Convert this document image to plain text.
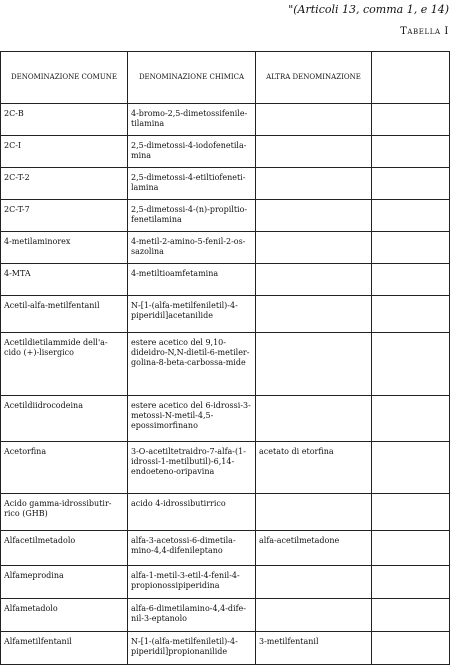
"(Articoli 13, comma 1, e 14)
Tabella I
DENOMINAZIONE COMUNE	DENOMINAZIONE CHIMICA	ALTRA DENOMINAZIONE	
2C-B	4-bromo-2,5-dimetossifenile-tilamina		
2C-I	2,5-dimetossi-4-iodofenetila-mina		
2C-T-2	2,5-dimetossi-4-etiltiofeneti-lamina		
2C-T-7	2,5-dimetossi-4-(n)-propiltio-fenetilamina		
4-metilaminorex	4-metil-2-amino-5-fenil-2-os-sazolina		
4-MTA	4-metiltioamfetamina		
Acetil-alfa-metilfentanil	N-[1-(alfa-metilfeniletil)-4-piperidil]acetanilide		
Acetildietilammide dell'a-cido (+)-lisergico	estere acetico del 9,10-dideidro-N,N-dietil-6-metiler-golina-8-beta-carbossa-mide		
Acetildiidrocodeina	estere acetico del 6-idrossi-3-metossi-N-metil-4,5-epossimorfinano		
Acetorfina	3-O-acetiltetraidro-7-alfa-(1-idrossi-1-metilbutil)-6,14-endoeteno-oripavina	acetato di etorfina	
Acido gamma-idrossibutir-rico (GHB)	acido 4-idrossibutirrico		
Alfacetilmetadolo	alfa-3-acetossi-6-dimetila-mino-4,4-difenileptano	alfa-acetilmetadone	
Alfameprodina	alfa-1-metil-3-etil-4-fenil-4-propionossipiperidina		
Alfametadolo	alfa-6-dimetilamino-4,4-dife-nil-3-eptanolo		
Alfametilfentanil	N-[1-(alfa-metilfeniletil)-4-piperidil]propionanilide	3-metilfentanil	
